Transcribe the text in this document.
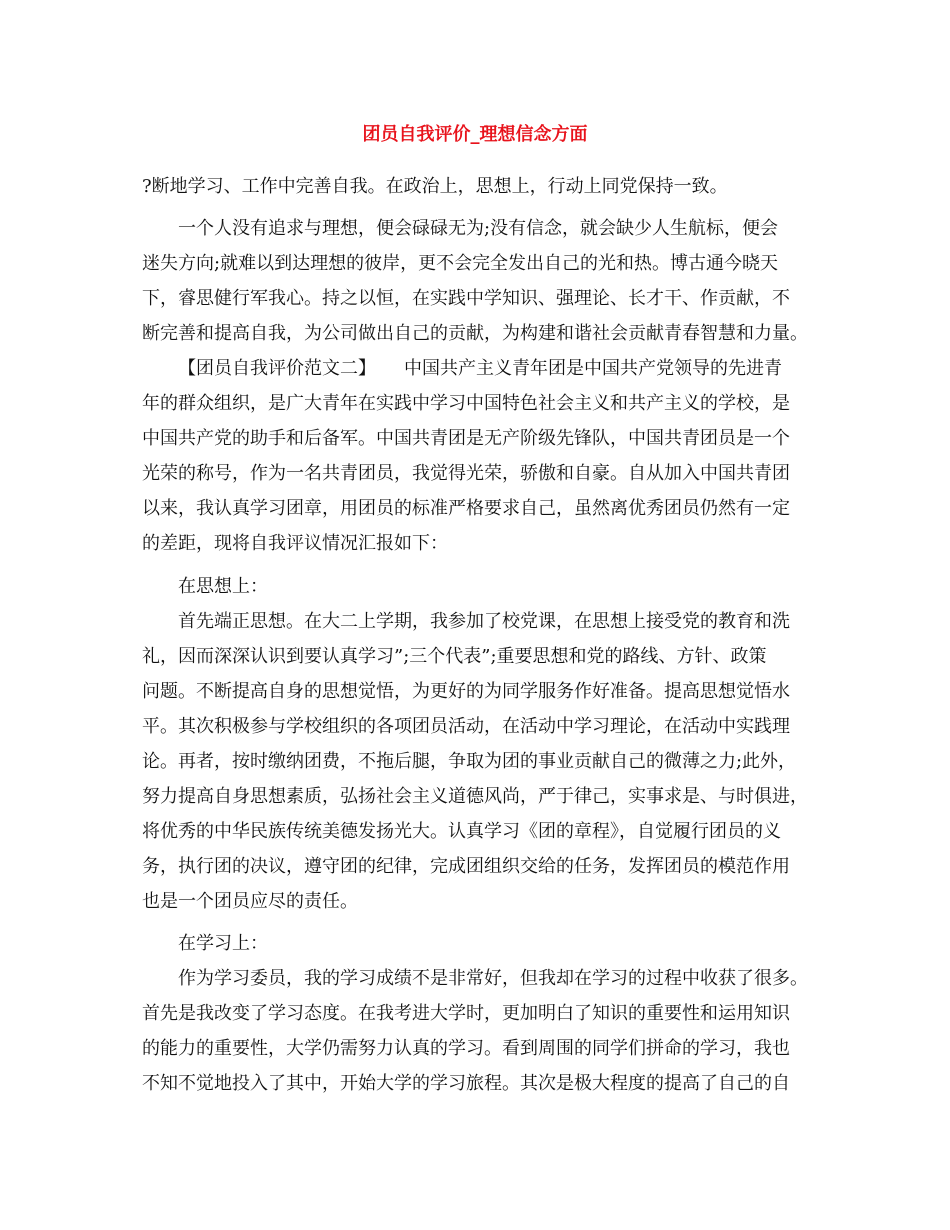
团员自我评价_理想信念方面

?断地学习、工作中完善自我。在政治上，思想上，行动上同党保持一致。

一个人没有追求与理想，便会碌碌无为;没有信念，就会缺少人生航标，便会

迷失方向;就难以到达理想的彼岸，更不会完全发出自己的光和热。博古通今晓天

下，睿思健行军我心。持之以恒，在实践中学知识、强理论、长才干、作贡献，不

断完善和提高自我，为公司做出自己的贡献，为构建和谐社会贡献青春智慧和力量。

【团员自我评价范文二】 中国共产主义青年团是中国共产党领导的先进青

年的群众组织，是广大青年在实践中学习中国特色社会主义和共产主义的学校，是

中国共产党的助手和后备军。中国共青团是无产阶级先锋队，中国共青团员是一个

光荣的称号，作为一名共青团员，我觉得光荣，骄傲和自豪。自从加入中国共青团

以来，我认真学习团章，用团员的标准严格要求自己，虽然离优秀团员仍然有一定

的差距，现将自我评议情况汇报如下：

在思想上：

首先端正思想。在大二上学期，我参加了校党课，在思想上接受党的教育和洗

礼，因而深深认识到要认真学习”;三个代表”;重要思想和党的路线、方针、政策

问题。不断提高自身的思想觉悟，为更好的为同学服务作好准备。提高思想觉悟水

平。其次积极参与学校组织的各项团员活动，在活动中学习理论，在活动中实践理

论。再者，按时缴纳团费，不拖后腿，争取为团的事业贡献自己的微薄之力;此外，

努力提高自身思想素质，弘扬社会主义道德风尚，严于律己，实事求是、与时俱进，

将优秀的中华民族传统美德发扬光大。认真学习《团的章程》，自觉履行团员的义

务，执行团的决议，遵守团的纪律，完成团组织交给的任务，发挥团员的模范作用

也是一个团员应尽的责任。

在学习上：

作为学习委员，我的学习成绩不是非常好，但我却在学习的过程中收获了很多。

首先是我改变了学习态度。在我考进大学时，更加明白了知识的重要性和运用知识

的能力的重要性，大学仍需努力认真的学习。看到周围的同学们拼命的学习，我也

不知不觉地投入了其中，开始大学的学习旅程。其次是极大程度的提高了自己的自
